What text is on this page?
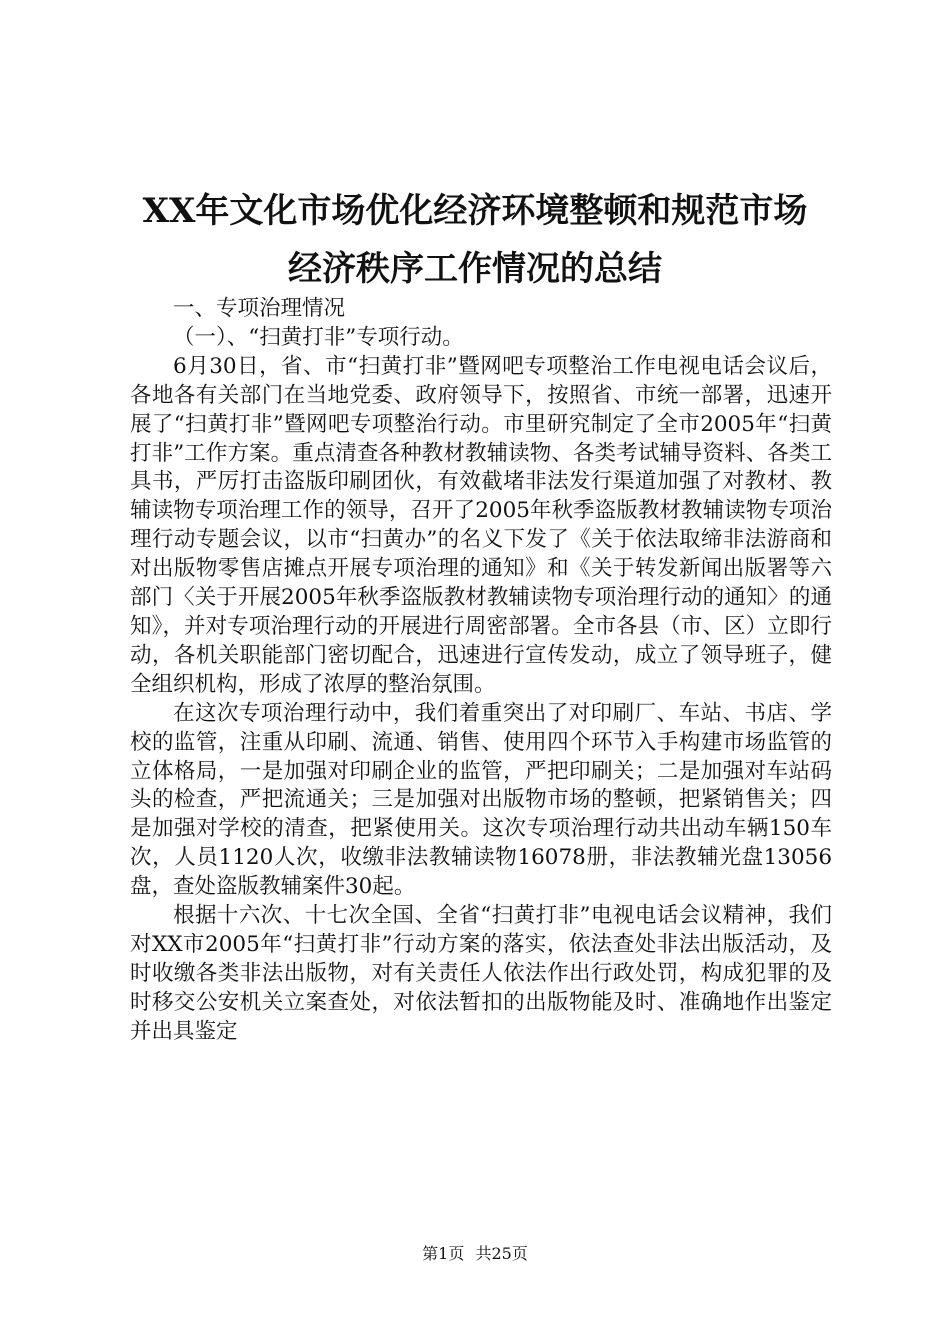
XX年文化市场优化经济环境整顿和规范市场
经济秩序工作情况的总结

一、专项治理情况

（一）、“扫黄打非”专项行动。

6月30日，省、市“扫黄打非”暨网吧专项整治工作电视电话会议后，各地各有关部门在当地党委、政府领导下，按照省、市统一部署，迅速开展了“扫黄打非”暨网吧专项整治行动。市里研究制定了全市2005年“扫黄打非”工作方案。重点清查各种教材教辅读物、各类考试辅导资料、各类工具书，严厉打击盗版印刷团伙，有效截堵非法发行渠道加强了对教材、教辅读物专项治理工作的领导，召开了2005年秋季盗版教材教辅读物专项治理行动专题会议，以市“扫黄办”的名义下发了《关于依法取缔非法游商和对出版物零售店摊点开展专项治理的通知》和《关于转发新闻出版署等六部门〈关于开展2005年秋季盗版教材教辅读物专项治理行动的通知〉的通知》，并对专项治理行动的开展进行周密部署。全市各县（市、区）立即行动，各机关职能部门密切配合，迅速进行宣传发动，成立了领导班子，健全组织机构，形成了浓厚的整治氛围。

在这次专项治理行动中，我们着重突出了对印刷厂、车站、书店、学校的监管，注重从印刷、流通、销售、使用四个环节入手构建市场监管的立体格局，一是加强对印刷企业的监管，严把印刷关；二是加强对车站码头的检查，严把流通关；三是加强对出版物市场的整顿，把紧销售关；四是加强对学校的清查，把紧使用关。这次专项治理行动共出动车辆150车次，人员1120人次，收缴非法教辅读物16078册，非法教辅光盘13056盘，查处盗版教辅案件30起。

根据十六次、十七次全国、全省“扫黄打非”电视电话会议精神，我们对XX市2005年“扫黄打非”行动方案的落实，依法查处非法出版活动，及时收缴各类非法出版物，对有关责任人依法作出行政处罚，构成犯罪的及时移交公安机关立案查处，对依法暂扣的出版物能及时、准确地作出鉴定并出具鉴定

第1页 共25页
